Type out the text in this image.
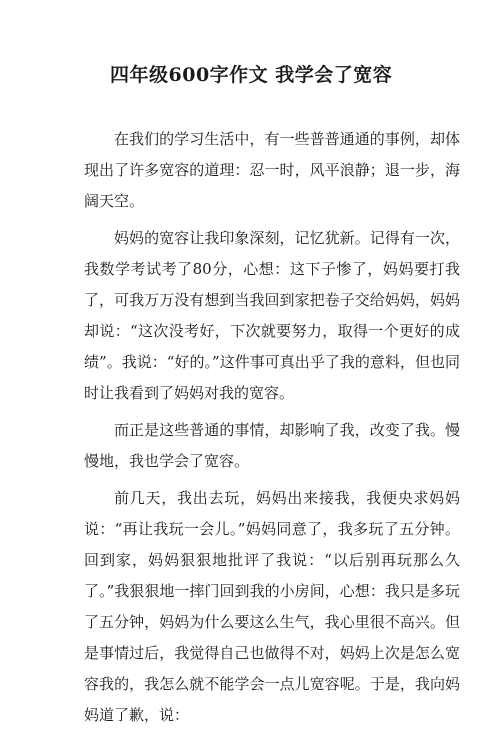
四年级600字作文 我学会了宽容

在我们的学习生活中，有一些普普通通的事例，却体现出了许多宽容的道理：忍一时，风平浪静；退一步，海阔天空。

妈妈的宽容让我印象深刻，记忆犹新。记得有一次，我数学考试考了80分，心想：这下子惨了，妈妈要打我了，可我万万没有想到当我回到家把卷子交给妈妈，妈妈却说：“这次没考好，下次就要努力，取得一个更好的成绩”。我说：“好的。”这件事可真出乎了我的意料，但也同时让我看到了妈妈对我的宽容。

而正是这些普通的事情，却影响了我，改变了我。慢慢地，我也学会了宽容。

前几天，我出去玩，妈妈出来接我，我便央求妈妈说：“再让我玩一会儿。”妈妈同意了，我多玩了五分钟。回到家，妈妈狠狠地批评了我说：“以后别再玩那么久了。”我狠狠地一摔门回到我的小房间，心想：我只是多玩了五分钟，妈妈为什么要这么生气，我心里很不高兴。但是事情过后，我觉得自己也做得不对，妈妈上次是怎么宽容我的，我怎么就不能学会一点儿宽容呢。于是，我向妈妈道了歉，说：
